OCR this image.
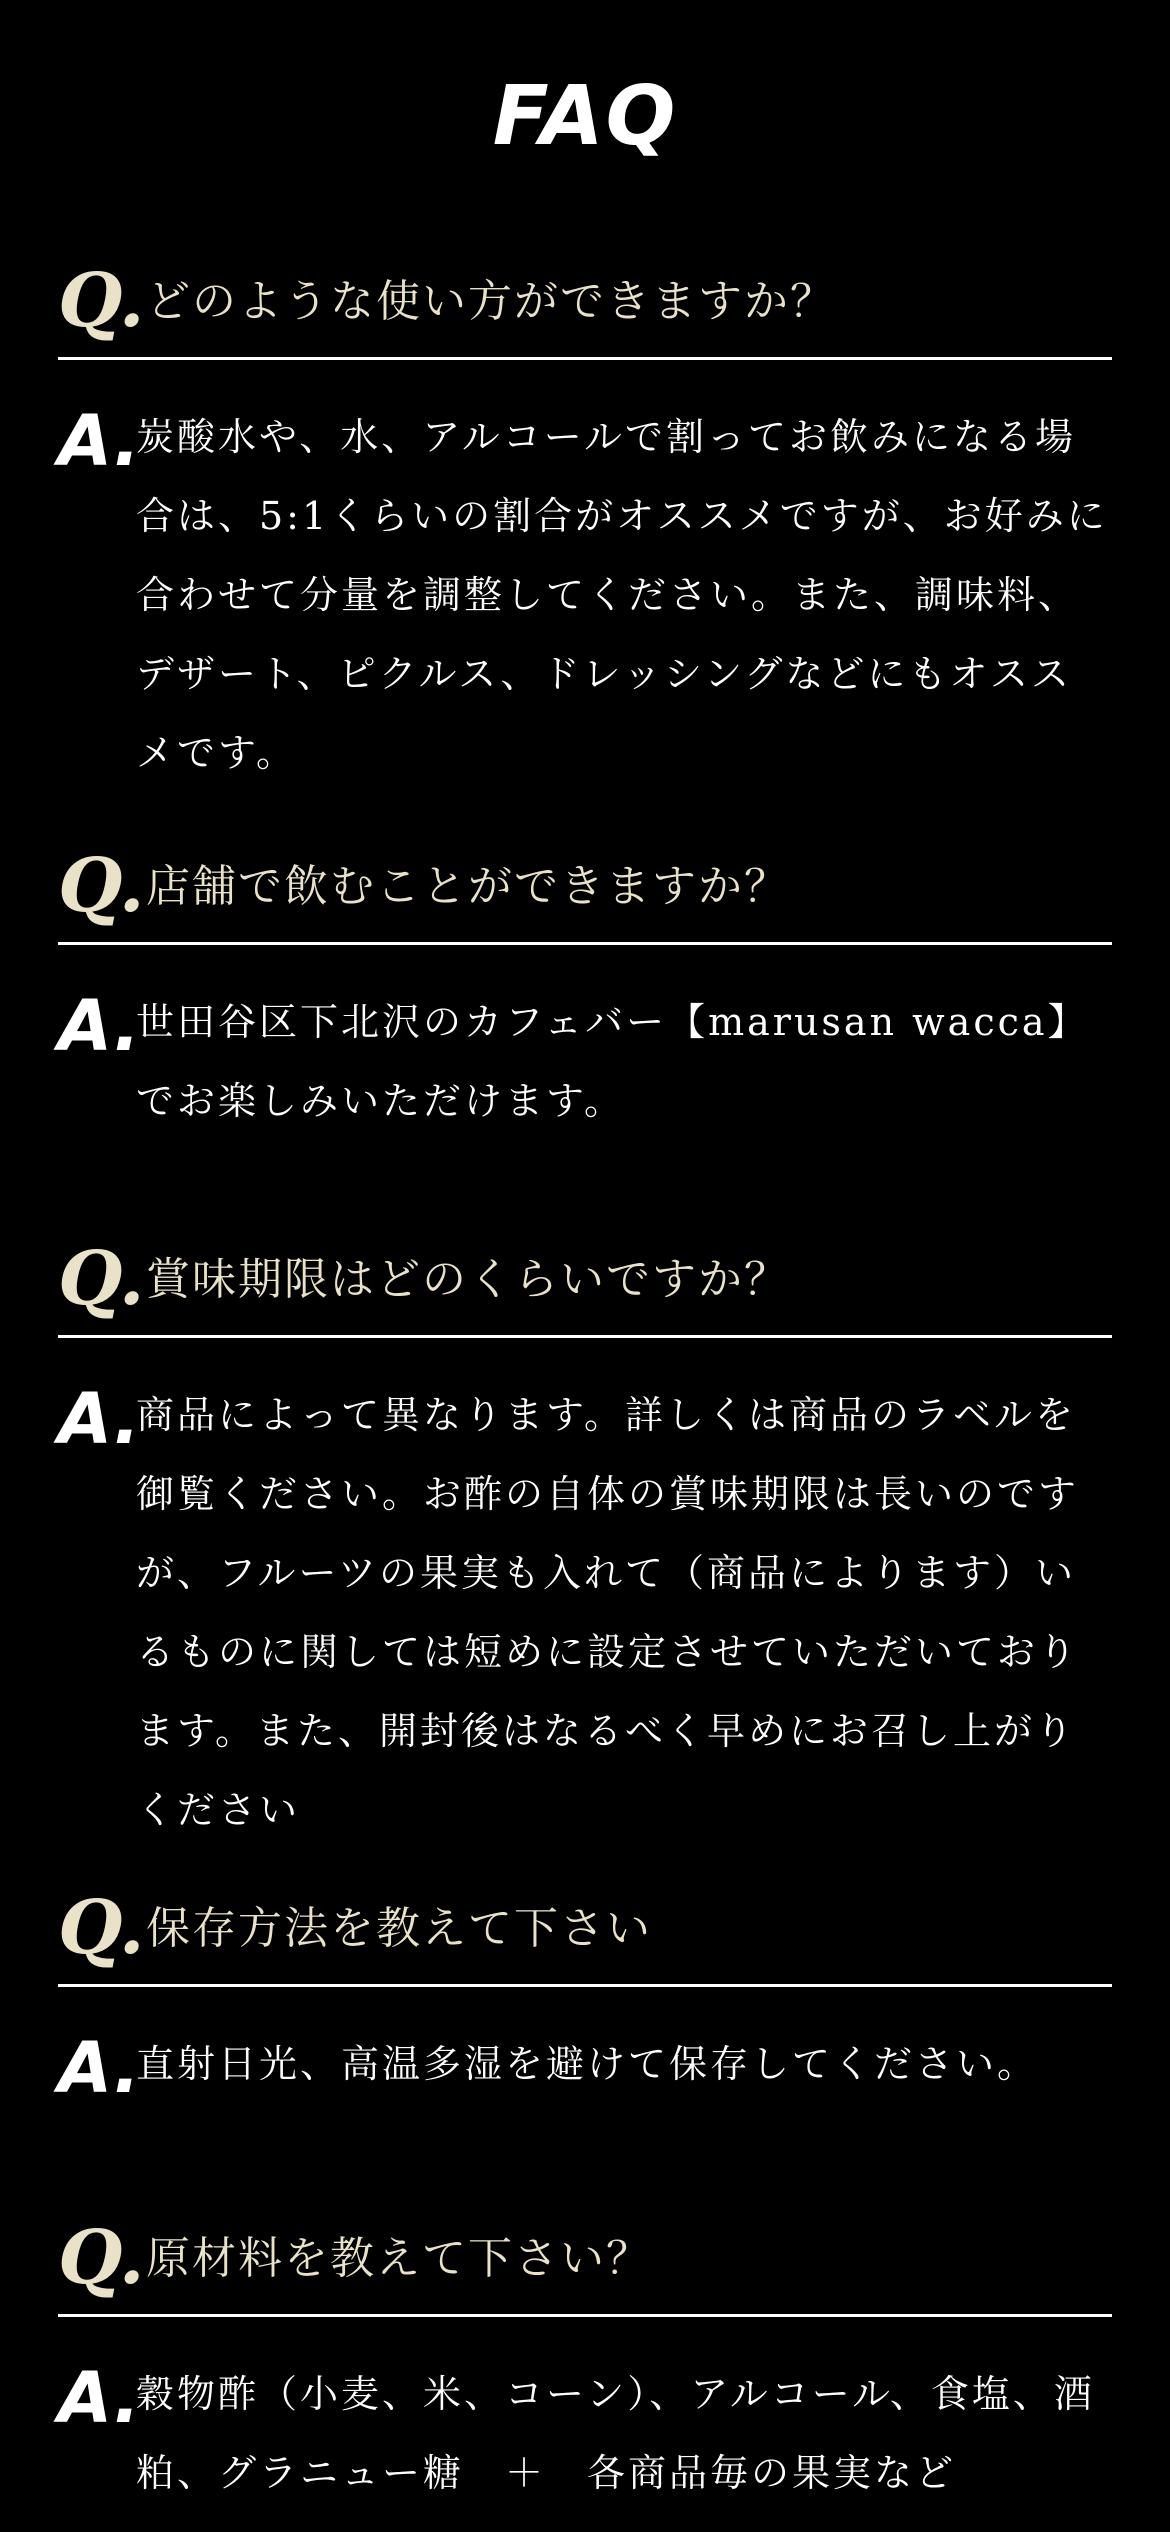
FAQ
Q. どのような使い方ができますか？
A.
炭酸水や、水、アルコールで割ってお飲みになる場合は、5:1くらいの割合がオススメですが、お好みに合わせて分量を調整してください。また、調味料、デザート、ピクルス、ドレッシングなどにもオススメです。
Q. 店舗で飲むことができますか？
A.
世田谷区下北沢のカフェバー【marusan wacca】でお楽しみいただけます。
Q. 賞味期限はどのくらいですか？
A.
商品によって異なります。詳しくは商品のラベルを御覧ください。お酢の自体の賞味期限は長いのですが、フルーツの果実も入れて（商品によります）いるものに関しては短めに設定させていただいております。また、開封後はなるべく早めにお召し上がりください
Q. 保存方法を教えて下さい
A.
直射日光、高温多湿を避けて保存してください。
Q. 原材料を教えて下さい？
A.
穀物酢（小麦、米、コーン）、アルコール、食塩、酒粕、グラニュー糖　＋　各商品毎の果実など
